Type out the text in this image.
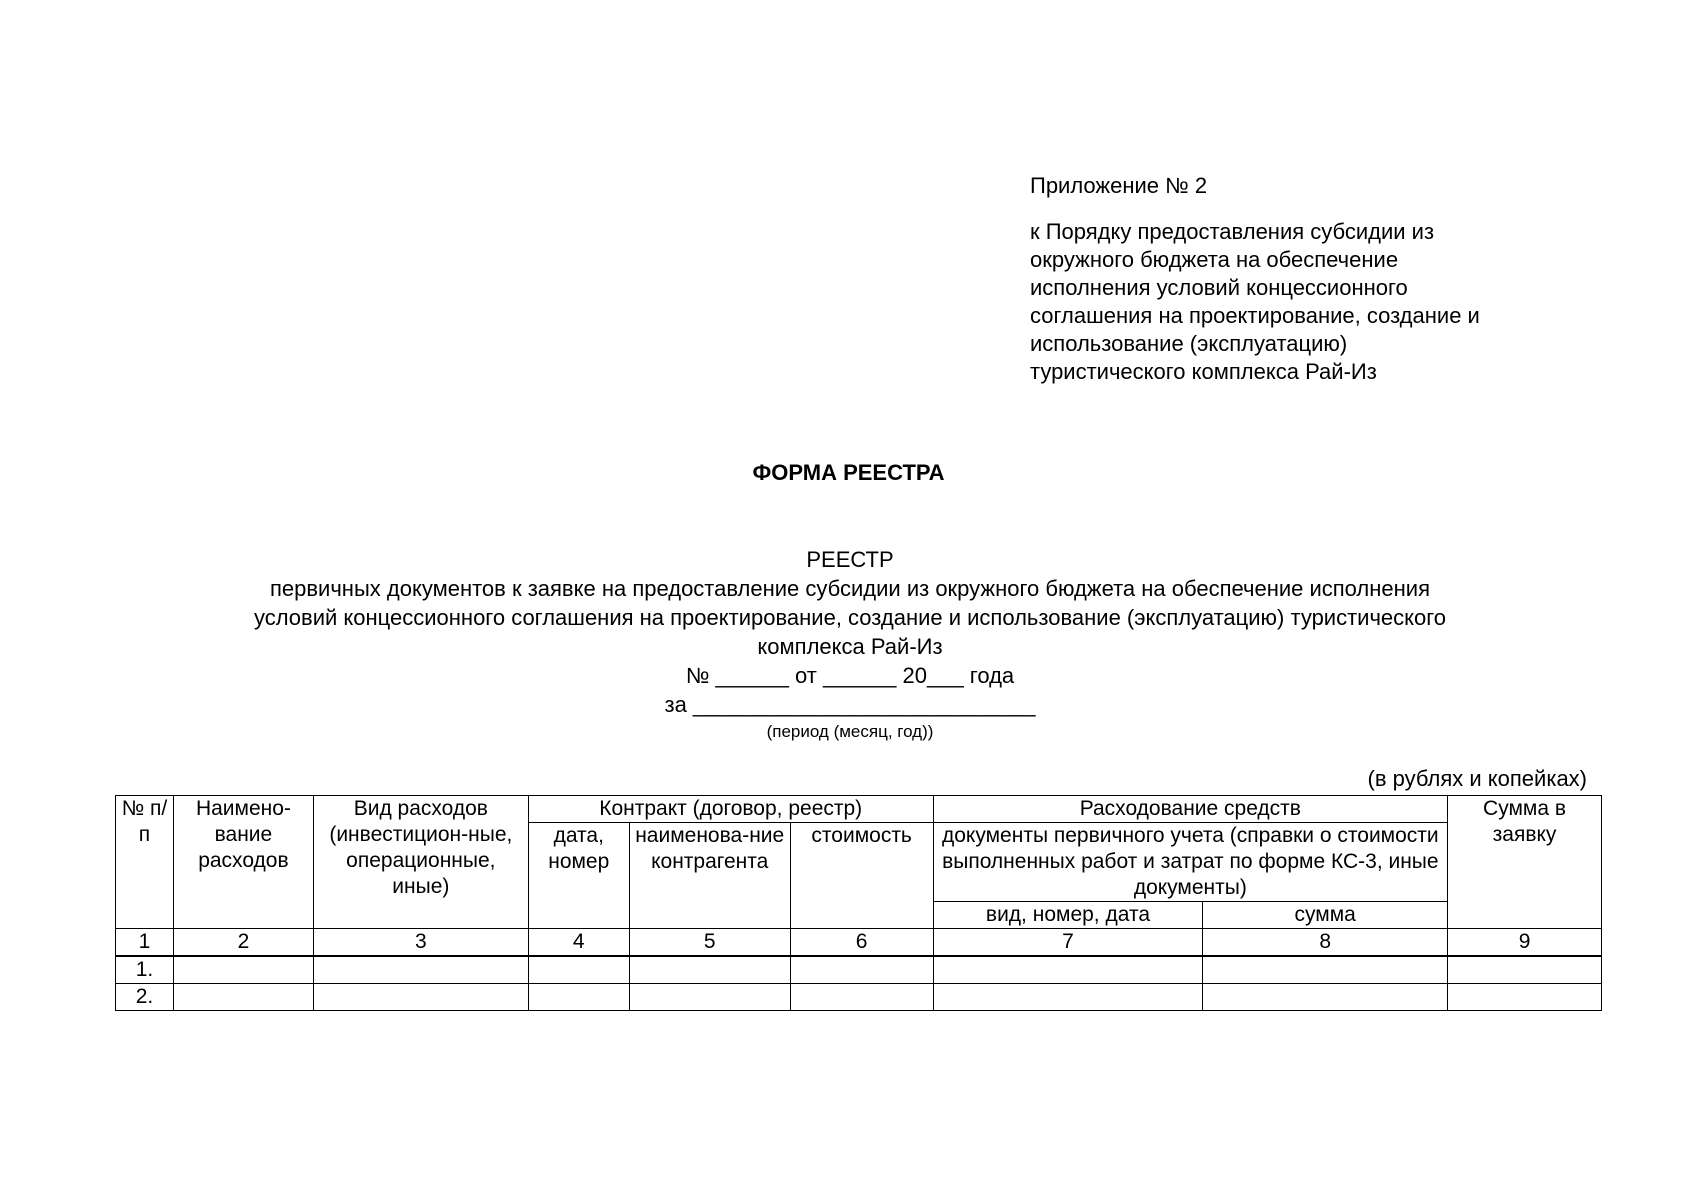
Приложение № 2
к Порядку предоставления субсидии из
окружного бюджета на обеспечение
исполнения условий концессионного
соглашения на проектирование, создание и
использование (эксплуатацию)
туристического комплекса Рай-Из
ФОРМА РЕЕСТРА
РЕЕСТР
первичных документов к заявке на предоставление субсидии из окружного бюджета на обеспечение исполнения
условий концессионного соглашения на проектирование, создание и использование (эксплуатацию) туристического
комплекса Рай-Из
№ ______ от ______ 20___ года
за ____________________________
(период (месяц, год))
(в рублях и копейках)
№ п/п	Наимено-вание расходов	Вид расходов (инвестицион-ные, операционные, иные)	Контракт (договор, реестр)			Расходование средств		Сумма в заявку
			дата, номер	наименова-ние контрагента	стоимость	документы первичного учета (справки о стоимости выполненных работ и затрат по форме КС-3, иные документы)		

						вид, номер, дата	сумма	
1	2	3	4	5	6	7	8	9
1.								
2.								
